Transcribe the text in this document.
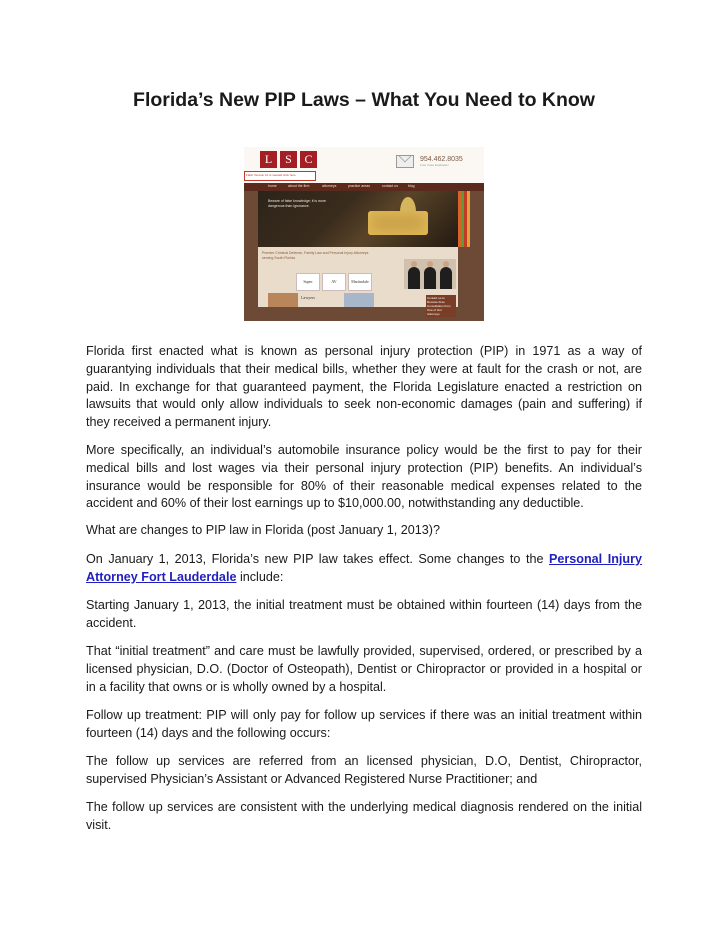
Florida’s New PIP Laws – What You Need to Know
L	S	C
Flash Version 10 is needed click here
954.462.8035
Free Case Evaluation
home	about the firm	attorneys	practice areas	contact us	blog
Beware of false knowledge; it is more dangerous than ignorance.
Premier Criminal Defense, Family Law and Personal Injury Attorneys serving South Florida
Super Lawyers
AV	Martindale
Contact us to Receive Free Consultation from One of Our Attorneys

Florida first enacted what is known as personal injury protection (PIP) in 1971 as a way of guarantying individuals that their medical bills, whether they were at fault for the crash or not, are paid. In exchange for that guaranteed payment, the Florida Legislature enacted a restriction on lawsuits that would only allow individuals to seek non-economic damages (pain and suffering) if they received a permanent injury.

More specifically, an individual’s automobile insurance policy would be the first to pay for their medical bills and lost wages via their personal injury protection (PIP) benefits. An individual’s insurance would be responsible for 80% of their reasonable medical expenses related to the accident and 60% of their lost earnings up to $10,000.00, notwithstanding any deductible.

What are changes to PIP law in Florida (post January 1, 2013)?

On January 1, 2013, Florida’s new PIP law takes effect. Some changes to the Personal Injury Attorney Fort Lauderdale include:

Starting January 1, 2013, the initial treatment must be obtained within fourteen (14) days from the accident.

That “initial treatment” and care must be lawfully provided, supervised, ordered, or prescribed by a licensed physician, D.O. (Doctor of Osteopath), Dentist or Chiropractor or provided in a hospital or in a facility that owns or is wholly owned by a hospital.

Follow up treatment: PIP will only pay for follow up services if there was an initial treatment within fourteen (14) days and the following occurs:

The follow up services are referred from an licensed physician, D.O, Dentist, Chiropractor, supervised Physician’s Assistant or Advanced Registered Nurse Practitioner; and

The follow up services are consistent with the underlying medical diagnosis rendered on the initial visit.
